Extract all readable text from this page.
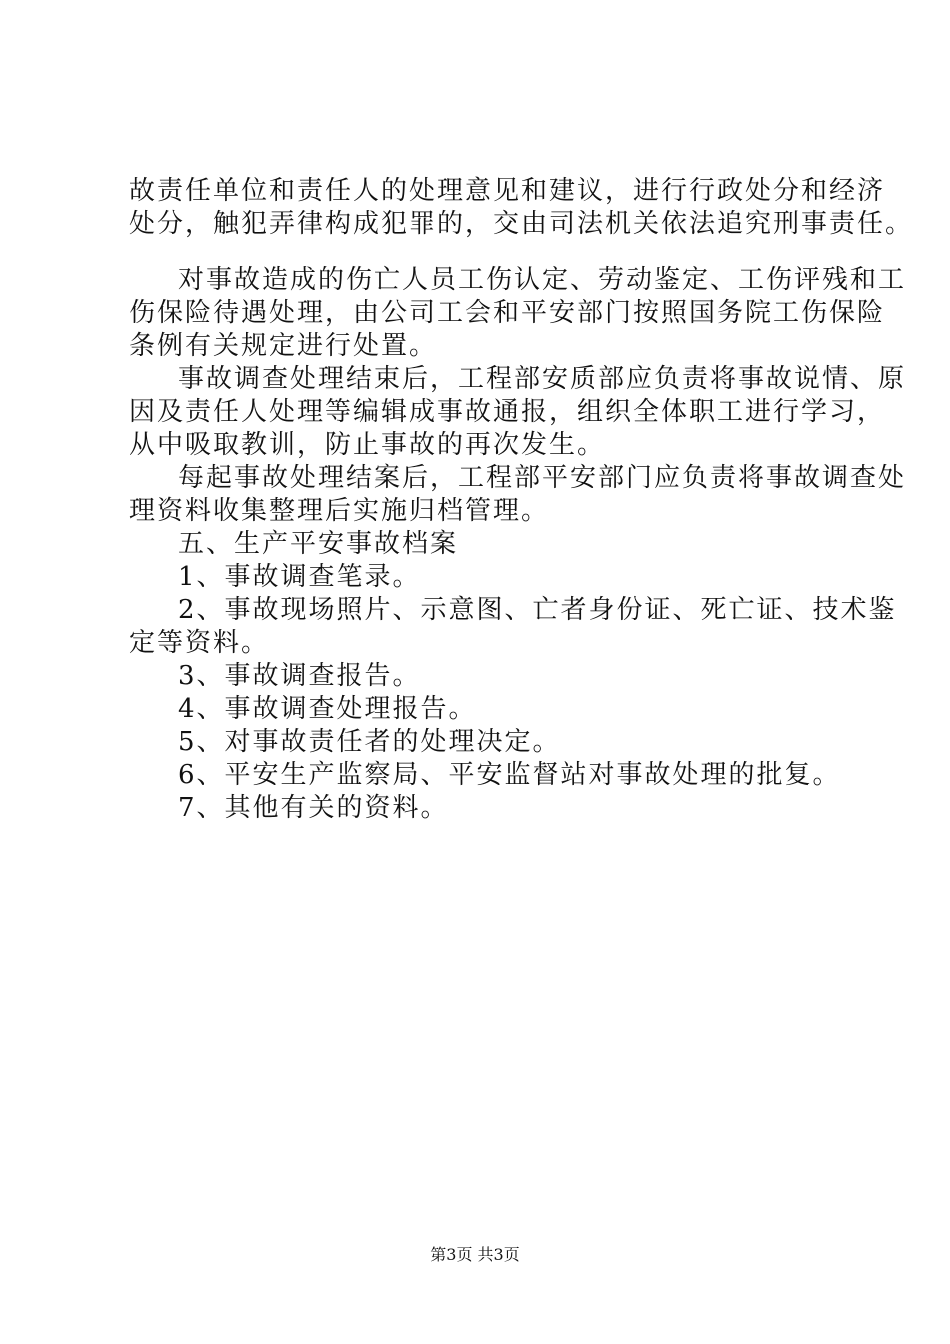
故责任单位和责任人的处理意见和建议，进行行政处分和经济
处分，触犯弄律构成犯罪的，交由司法机关依法追究刑事责任。
对事故造成的伤亡人员工伤认定、劳动鉴定、工伤评残和工
伤保险待遇处理，由公司工会和平安部门按照国务院工伤保险
条例有关规定进行处置。
事故调查处理结束后，工程部安质部应负责将事故说情、原
因及责任人处理等编辑成事故通报，组织全体职工进行学习，
从中吸取教训，防止事故的再次发生。
每起事故处理结案后，工程部平安部门应负责将事故调查处
理资料收集整理后实施归档管理。
五、生产平安事故档案
1、事故调查笔录。
2、事故现场照片、示意图、亡者身份证、死亡证、技术鉴
定等资料。
3、事故调查报告。
4、事故调查处理报告。
5、对事故责任者的处理决定。
6、平安生产监察局、平安监督站对事故处理的批复。
7、其他有关的资料。
第3页 共3页
